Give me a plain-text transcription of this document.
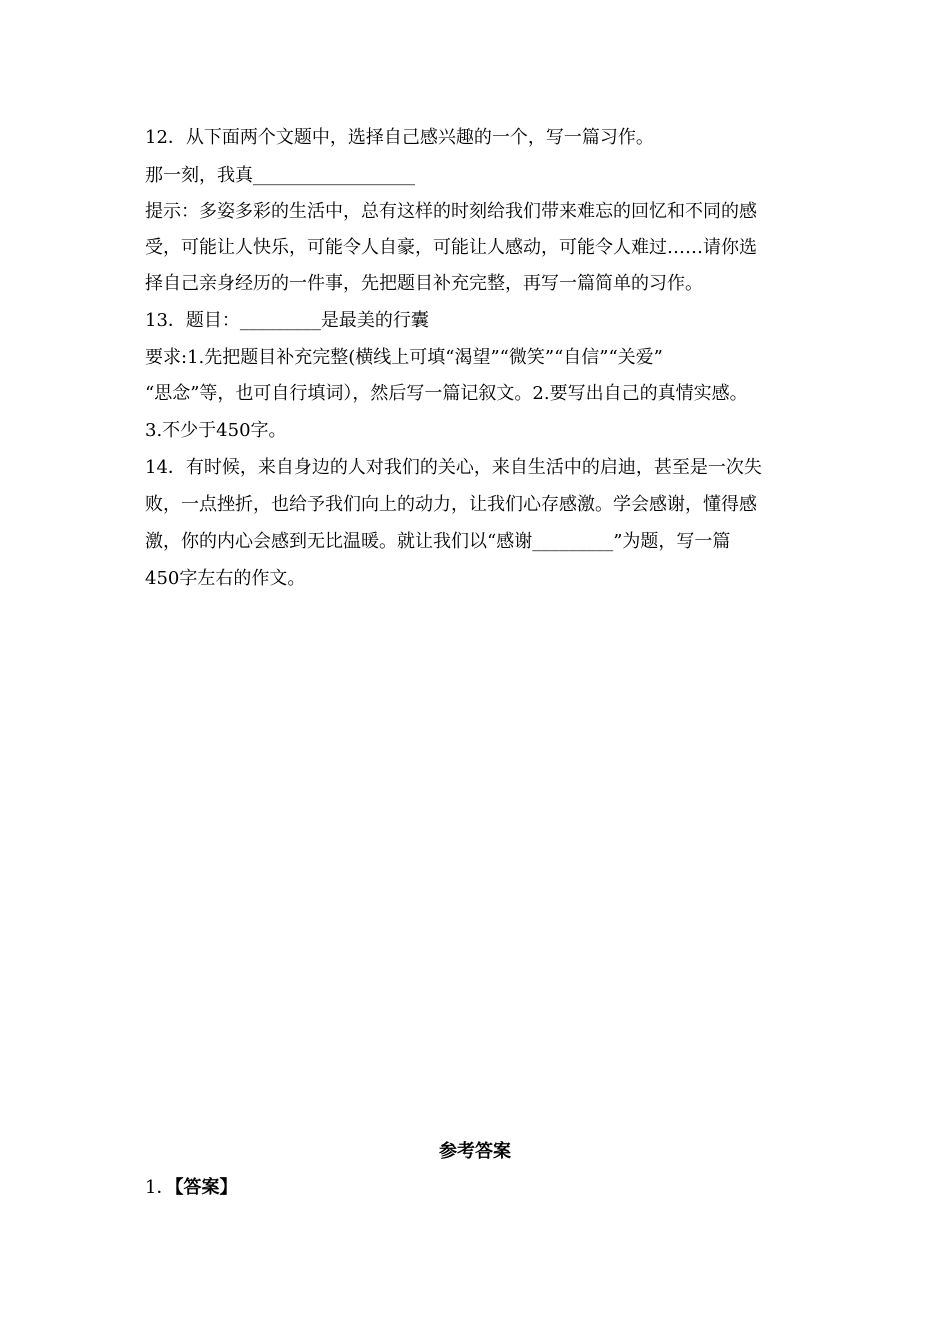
12．从下面两个文题中，选择自己感兴趣的一个，写一篇习作。
那一刻，我真__________________
提示：多姿多彩的生活中，总有这样的时刻给我们带来难忘的回忆和不同的感
受，可能让人快乐，可能令人自豪，可能让人感动，可能令人难过……请你选
择自己亲身经历的一件事，先把题目补充完整，再写一篇简单的习作。
13．题目：_________是最美的行囊
要求:1.先把题目补充完整(横线上可填“渴望”“微笑”“自信”“关爱”
“思念”等，也可自行填词），然后写一篇记叙文。2.要写出自己的真情实感。
3.不少于450字。
14．有时候，来自身边的人对我们的关心，来自生活中的启迪，甚至是一次失
败，一点挫折，也给予我们向上的动力，让我们心存感激。学会感谢，懂得感
激，你的内心会感到无比温暖。就让我们以“感谢_________”为题，写一篇
450字左右的作文。
参考答案
1．【答案】
